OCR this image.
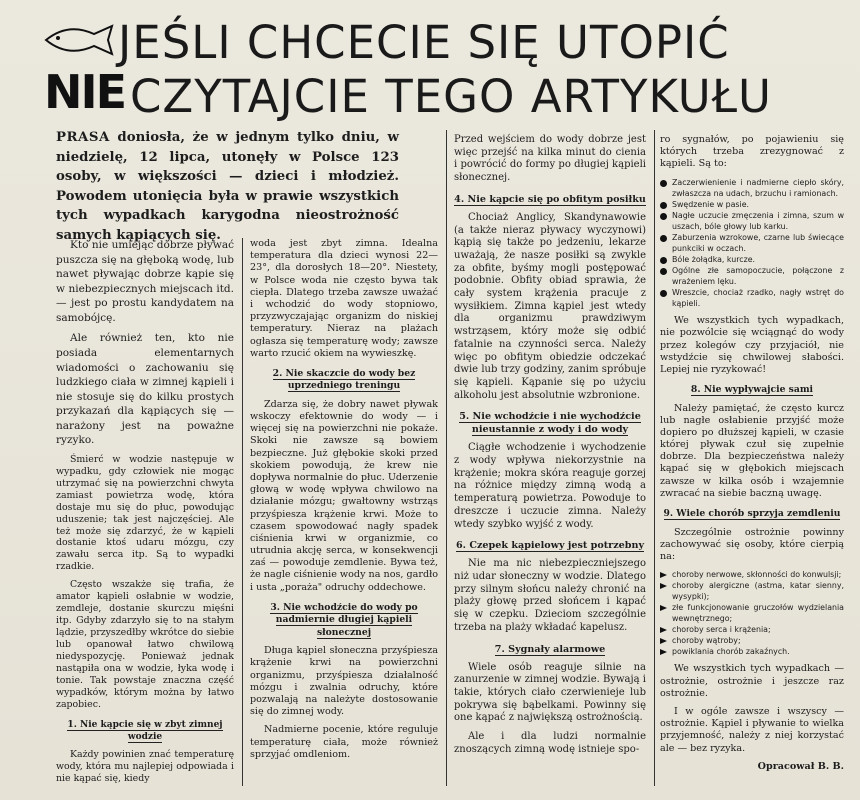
JEŚLI CHCECIE SIĘ UTOPIĆ
NIE CZYTAJCIE TEGO ARTYKUŁU
PRASA doniosła, że w jednym tylko dniu, w niedzielę, 12 lipca, utonęły w Polsce 123 osoby, w większości — dzieci i młodzież. Powodem utonięcia była w prawie wszystkich tych wypadkach karygodna nieostrożność samych kąpiących się.

Kto nie umiejąc dobrze pływać puszcza się na głęboką wodę, lub nawet pływając dobrze kąpie się w niebezpiecznych miejscach itd. — jest po prostu kandydatem na samobójcę.

Ale również ten, kto nie posiada elementarnych wiadomości o zachowaniu się ludzkiego ciała w zimnej kąpieli i nie stosuje się do kilku prostych przykazań dla kąpiących się — narażony jest na poważne ryzyko.

Śmierć w wodzie następuje w wypadku, gdy człowiek nie mogąc utrzymać się na powierzchni chwyta zamiast powietrza wodę, która dostaje mu się do płuc, powodując uduszenie; tak jest najczęściej. Ale też może się zdarzyć, że w kąpieli dostanie ktoś udaru mózgu, czy zawału serca itp. Są to wypadki rzadkie.

Często wszakże się trafia, że amator kąpieli osłabnie w wodzie, zemdleje, dostanie skurczu mięśni itp. Gdyby zdarzyło się to na stałym lądzie, przyszedłby wkrótce do siebie lub opanował łatwo chwilową niedyspozycję. Ponieważ jednak nastąpiła ona w wodzie, łyka wodę i tonie. Tak powstaje znaczna część wypadków, którym można by łatwo zapobiec.

1. Nie kąpcie się w zbyt zimnej wodzie

Każdy powinien znać temperaturę wody, która mu najlepiej odpowiada i nie kąpać się, kiedy

woda jest zbyt zimna. Idealna temperatura dla dzieci wynosi 22—23°, dla dorosłych 18—20°. Niestety, w Polsce woda nie często bywa tak ciepła. Dlatego trzeba zawsze uważać i wchodzić do wody stopniowo, przyzwyczajając organizm do niskiej temperatury. Nieraz na plażach ogłasza się temperaturę wody; zawsze warto rzucić okiem na wywieszkę.

2. Nie skaczcie do wody bez uprzedniego treningu

Zdarza się, że dobry nawet pływak wskoczy efektownie do wody — i więcej się na powierzchni nie pokaże. Skoki nie zawsze są bowiem bezpieczne. Już głębokie skoki przed skokiem powodują, że krew nie dopływa normalnie do płuc. Uderzenie głową w wodę wpływa chwilowo na działanie mózgu; gwałtowny wstrząs przyśpiesza krążenie krwi. Może to czasem spowodować nagły spadek ciśnienia krwi w organizmie, co utrudnia akcję serca, w konsekwencji zaś — powoduje zemdlenie. Bywa też, że nagle ciśnienie wody na nos, gardło i usta „poraża" odruchy oddechowe.

3. Nie wchodźcie do wody po nadmiernie długiej kąpieli słonecznej

Długa kąpiel słoneczna przyśpiesza krążenie krwi na powierzchni organizmu, przyśpiesza działalność mózgu i zwalnia odruchy, które pozwalają na należyte dostosowanie się do zimnej wody.

Nadmierne pocenie, które reguluje temperaturę ciała, może również sprzyjać omdleniom.

Przed wejściem do wody dobrze jest więc przejść na kilka minut do cienia i powrócić do formy po długiej kąpieli słonecznej.

4. Nie kąpcie się po obfitym posiłku

Chociaż Anglicy, Skandynawowie (a także nieraz pływacy wyczynowi) kąpią się także po jedzeniu, lekarze uważają, że nasze posiłki są zwykle za obfite, byśmy mogli postępować podobnie. Obfity obiad sprawia, że cały system krążenia pracuje z wysiłkiem. Zimna kąpiel jest wtedy dla organizmu prawdziwym wstrząsem, który może się odbić fatalnie na czynności serca. Należy więc po obfitym obiedzie odczekać dwie lub trzy godziny, zanim spróbuje się kąpieli. Kąpanie się po użyciu alkoholu jest absolutnie wzbronione.

5. Nie wchodźcie i nie wychodźcie nieustannie z wody i do wody

Ciągłe wchodzenie i wychodzenie z wody wpływa niekorzystnie na krążenie; mokra skóra reaguje gorzej na różnice między zimną wodą a temperaturą powietrza. Powoduje to dreszcze i uczucie zimna. Należy wtedy szybko wyjść z wody.

6. Czepek kąpielowy jest potrzebny

Nie ma nic niebezpieczniejszego niż udar słoneczny w wodzie. Dlatego przy silnym słońcu należy chronić na plaży głowę przed słońcem i kąpać się w czepku. Dzieciom szczególnie trzeba na plaży wkładać kapelusz.

7. Sygnały alarmowe

Wiele osób reaguje silnie na zanurzenie w zimnej wodzie. Bywają i takie, których ciało czerwienieje lub pokrywa się bąbelkami. Powinny się one kąpać z największą ostrożnością.

Ale i dla ludzi normalnie znoszących zimną wodę istnieje spo-

ro sygnałów, po pojawieniu się których trzeba zrezygnować z kąpieli. Są to:

Zaczerwienienie i nadmierne ciepło skóry, zwłaszcza na udach, brzuchu i ramionach.
Swędzenie w pasie.
Nagłe uczucie zmęczenia i zimna, szum w uszach, bóle głowy lub karku.
Zaburzenia wzrokowe, czarne lub świecące punkciki w oczach.
Bóle żołądka, kurcze.
Ogólne złe samopoczucie, połączone z wrażeniem lęku.
Wreszcie, chociaż rzadko, nagły wstręt do kąpieli.

We wszystkich tych wypadkach, nie pozwólcie się wciągnąć do wody przez kolegów czy przyjaciół, nie wstydźcie się chwilowej słabości. Lepiej nie ryzykować!

8. Nie wypływajcie sami

Należy pamiętać, że często kurcz lub nagłe osłabienie przyjść może dopiero po dłuższej kąpieli, w czasie której pływak czuł się zupełnie dobrze. Dla bezpieczeństwa należy kąpać się w głębokich miejscach zawsze w kilka osób i wzajemnie zwracać na siebie baczną uwagę.

9. Wiele chorób sprzyja zemdleniu

Szczególnie ostrożnie powinny zachowywać się osoby, które cierpią na:

choroby nerwowe, skłonności do konwulsji;
choroby alergiczne (astma, katar sienny, wysypki);
złe funkcjonowanie gruczołów wydzielania wewnętrznego;
choroby serca i krążenia;
choroby wątroby;
powiklania chorób zakaźnych.

We wszystkich tych wypadkach — ostrożnie, ostrożnie i jeszcze raz ostrożnie.

I w ogóle zawsze i wszyscy — ostrożnie. Kąpiel i pływanie to wielka przyjemność, należy z niej korzystać ale — bez ryzyka.

Opracował B. B.
